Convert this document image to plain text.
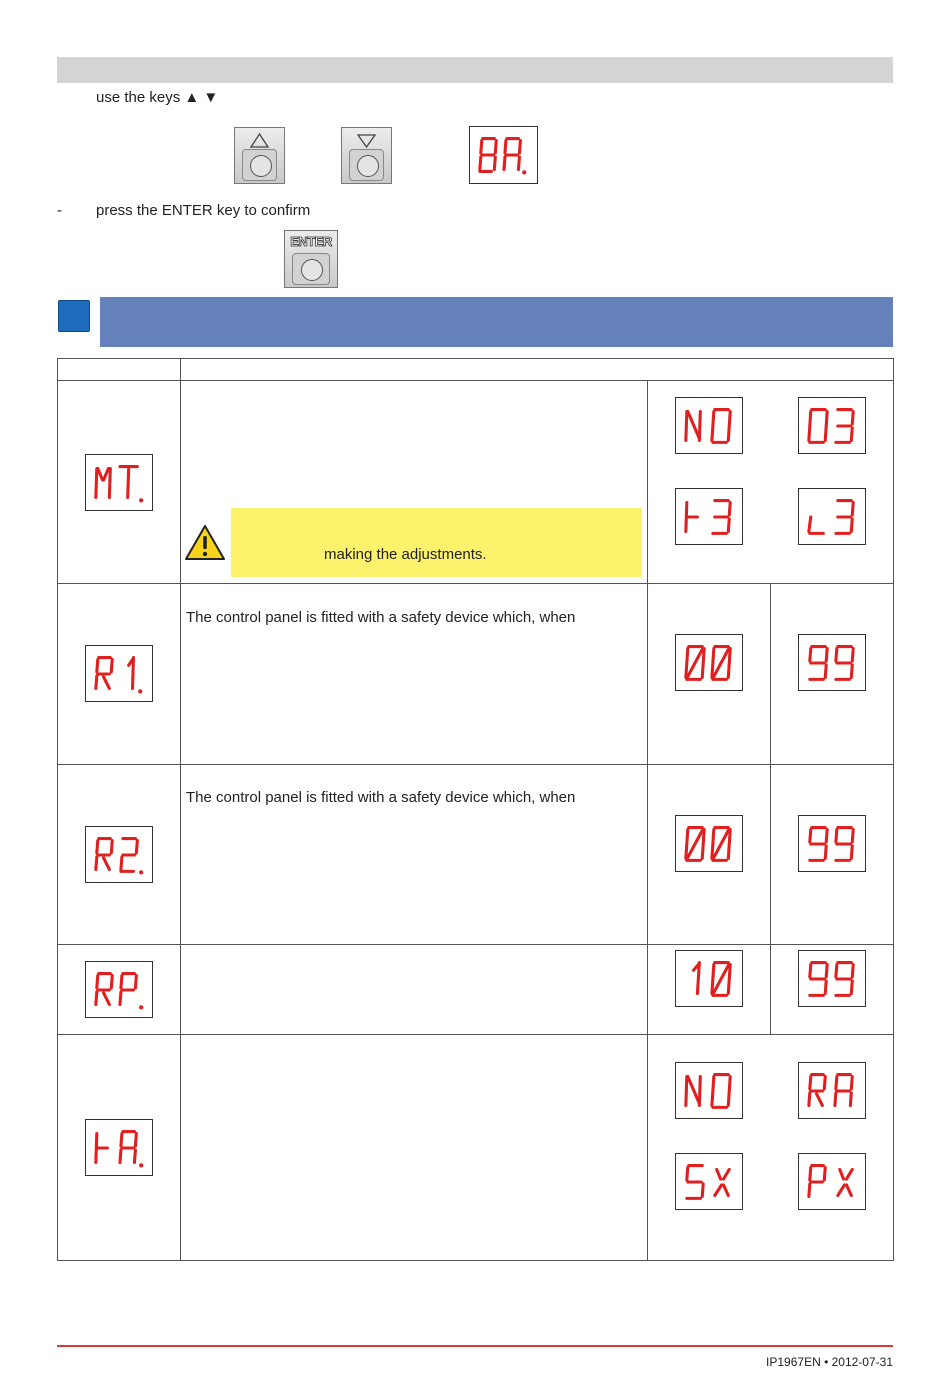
use the keys ▲ ▼
- press the ENTER key to confirm
ENTER
making the adjustments.
The control panel is fitted with a safety device which, when
The control panel is fitted with a safety device which, when
IP1967EN • 2012-07-31
